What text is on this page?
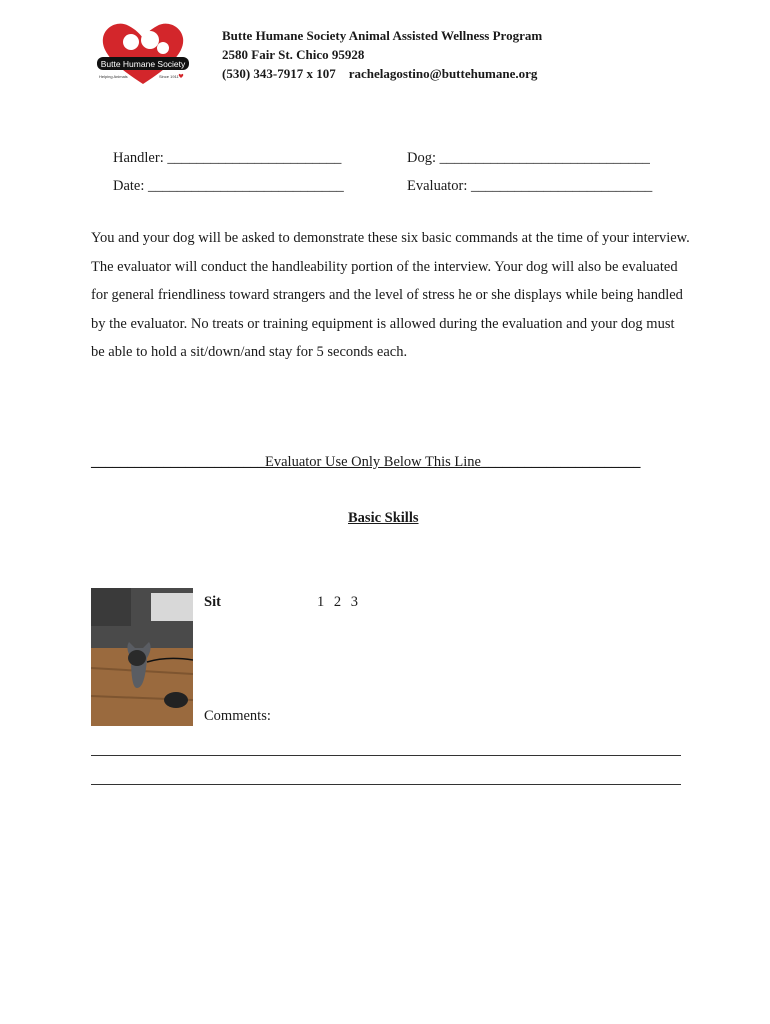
Butte Humane Society
Helping Animals	Since 1911
Butte Humane Society Animal Assisted Wellness Program
2580 Fair St. Chico 95928
(530) 343-7917 x 107    rachelagostino@buttehumane.org
Handler: ________________________	Dog: _____________________________
Date: ___________________________	Evaluator: _________________________
You and your dog will be asked to demonstrate these six basic commands at the time of your interview. The evaluator will conduct the handleability portion of the interview. Your dog will also be evaluated for general friendliness toward strangers and the level of stress he or she displays while being handled by the evaluator. No treats or training equipment is allowed during the evaluation and your dog must be able to hold a sit/down/and stay for 5 seconds each.
________________________Evaluator Use Only Below This Line______________________
Basic Skills
Sit	1 2 3
Comments:
